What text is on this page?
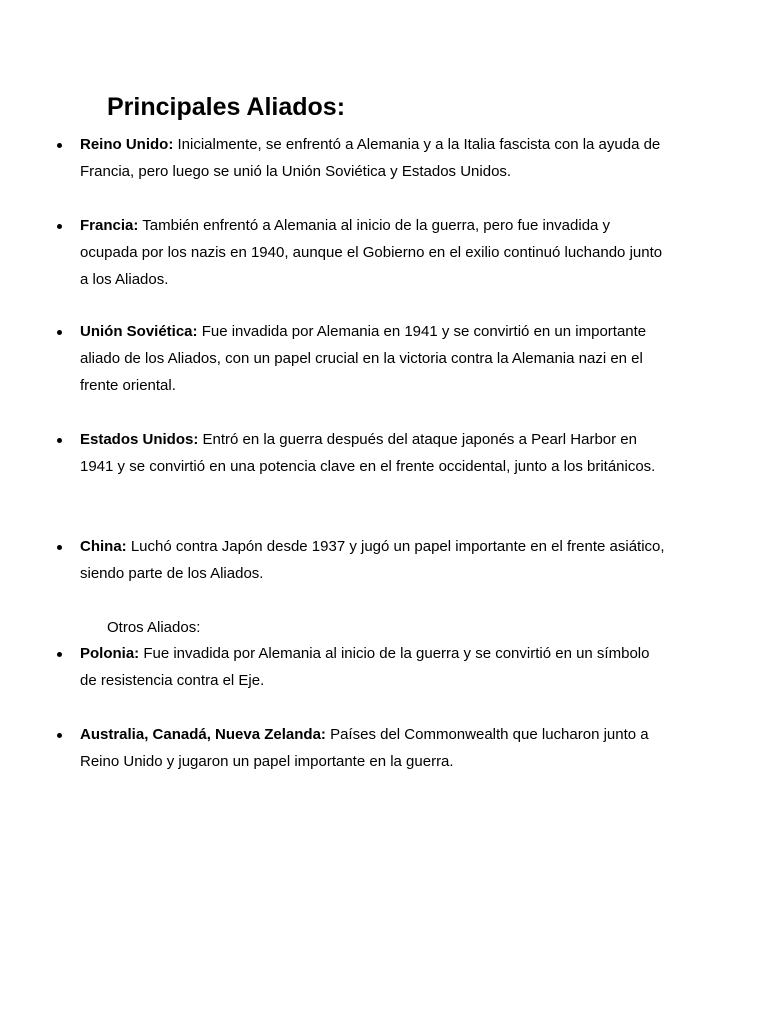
Principales Aliados:
Reino Unido: Inicialmente, se enfrentó a Alemania y a la Italia fascista con la ayuda de Francia, pero luego se unió la Unión Soviética y Estados Unidos.
Francia: También enfrentó a Alemania al inicio de la guerra, pero fue invadida y ocupada por los nazis en 1940, aunque el Gobierno en el exilio continuó luchando junto a los Aliados.
Unión Soviética: Fue invadida por Alemania en 1941 y se convirtió en un importante aliado de los Aliados, con un papel crucial en la victoria contra la Alemania nazi en el frente oriental.
Estados Unidos: Entró en la guerra después del ataque japonés a Pearl Harbor en 1941 y se convirtió en una potencia clave en el frente occidental, junto a los británicos.
China: Luchó contra Japón desde 1937 y jugó un papel importante en el frente asiático, siendo parte de los Aliados.

Otros Aliados:

Polonia: Fue invadida por Alemania al inicio de la guerra y se convirtió en un símbolo de resistencia contra el Eje.
Australia, Canadá, Nueva Zelanda: Países del Commonwealth que lucharon junto a Reino Unido y jugaron un papel importante en la guerra.
